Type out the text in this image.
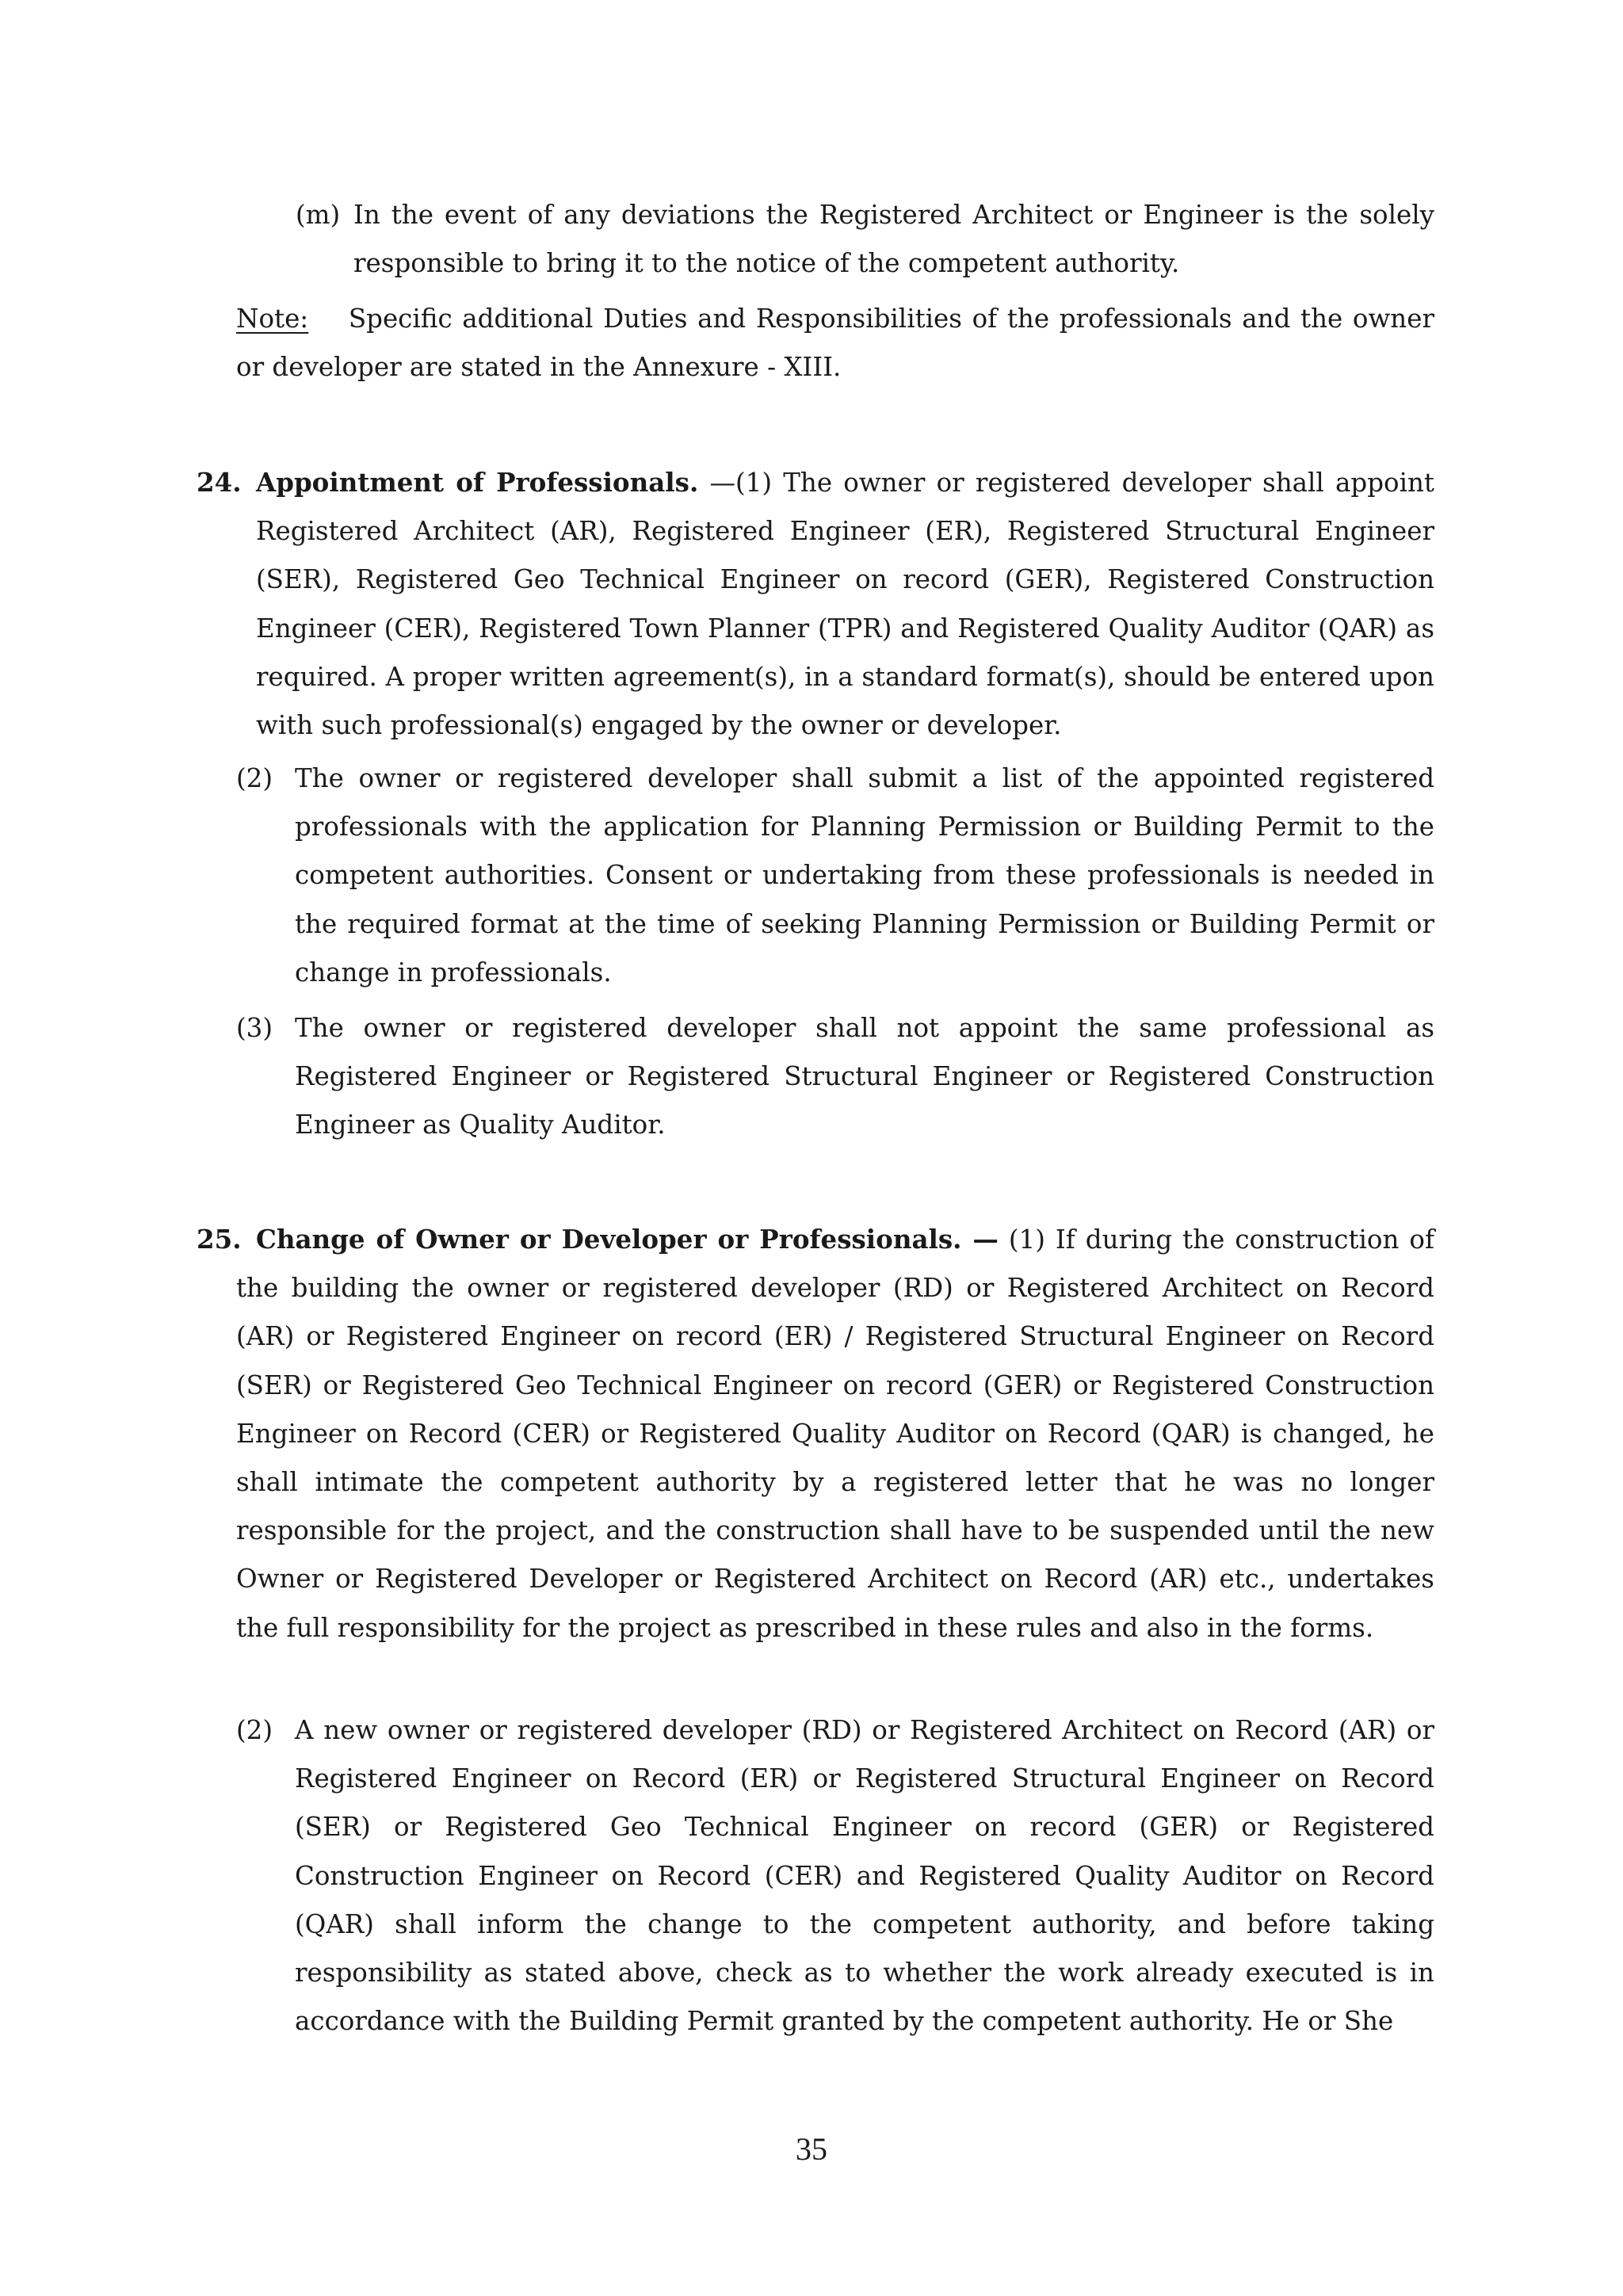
(m) In the event of any deviations the Registered Architect or Engineer is the solely responsible to bring it to the notice of the competent authority.

Note: Specific additional Duties and Responsibilities of the professionals and the owner or developer are stated in the Annexure - XIII.

24. Appointment of Professionals. —(1) The owner or registered developer shall appoint Registered Architect (AR), Registered Engineer (ER), Registered Structural Engineer (SER), Registered Geo Technical Engineer on record (GER), Registered Construction Engineer (CER), Registered Town Planner (TPR) and Registered Quality Auditor (QAR) as required. A proper written agreement(s), in a standard format(s), should be entered upon with such professional(s) engaged by the owner or developer.

(2) The owner or registered developer shall submit a list of the appointed registered professionals with the application for Planning Permission or Building Permit to the competent authorities. Consent or undertaking from these professionals is needed in the required format at the time of seeking Planning Permission or Building Permit or change in professionals.

(3) The owner or registered developer shall not appoint the same professional as Registered Engineer or Registered Structural Engineer or Registered Construction Engineer as Quality Auditor.

25. Change of Owner or Developer or Professionals. — (1) If during the construction of the building the owner or registered developer (RD) or Registered Architect on Record (AR) or Registered Engineer on record (ER) / Registered Structural Engineer on Record (SER) or Registered Geo Technical Engineer on record (GER) or Registered Construction Engineer on Record (CER) or Registered Quality Auditor on Record (QAR) is changed, he shall intimate the competent authority by a registered letter that he was no longer responsible for the project, and the construction shall have to be suspended until the new Owner or Registered Developer or Registered Architect on Record (AR) etc., undertakes the full responsibility for the project as prescribed in these rules and also in the forms.

(2) A new owner or registered developer (RD) or Registered Architect on Record (AR) or Registered Engineer on Record (ER) or Registered Structural Engineer on Record (SER) or Registered Geo Technical Engineer on record (GER) or Registered Construction Engineer on Record (CER) and Registered Quality Auditor on Record (QAR) shall inform the change to the competent authority, and before taking responsibility as stated above, check as to whether the work already executed is in accordance with the Building Permit granted by the competent authority. He or She

35
